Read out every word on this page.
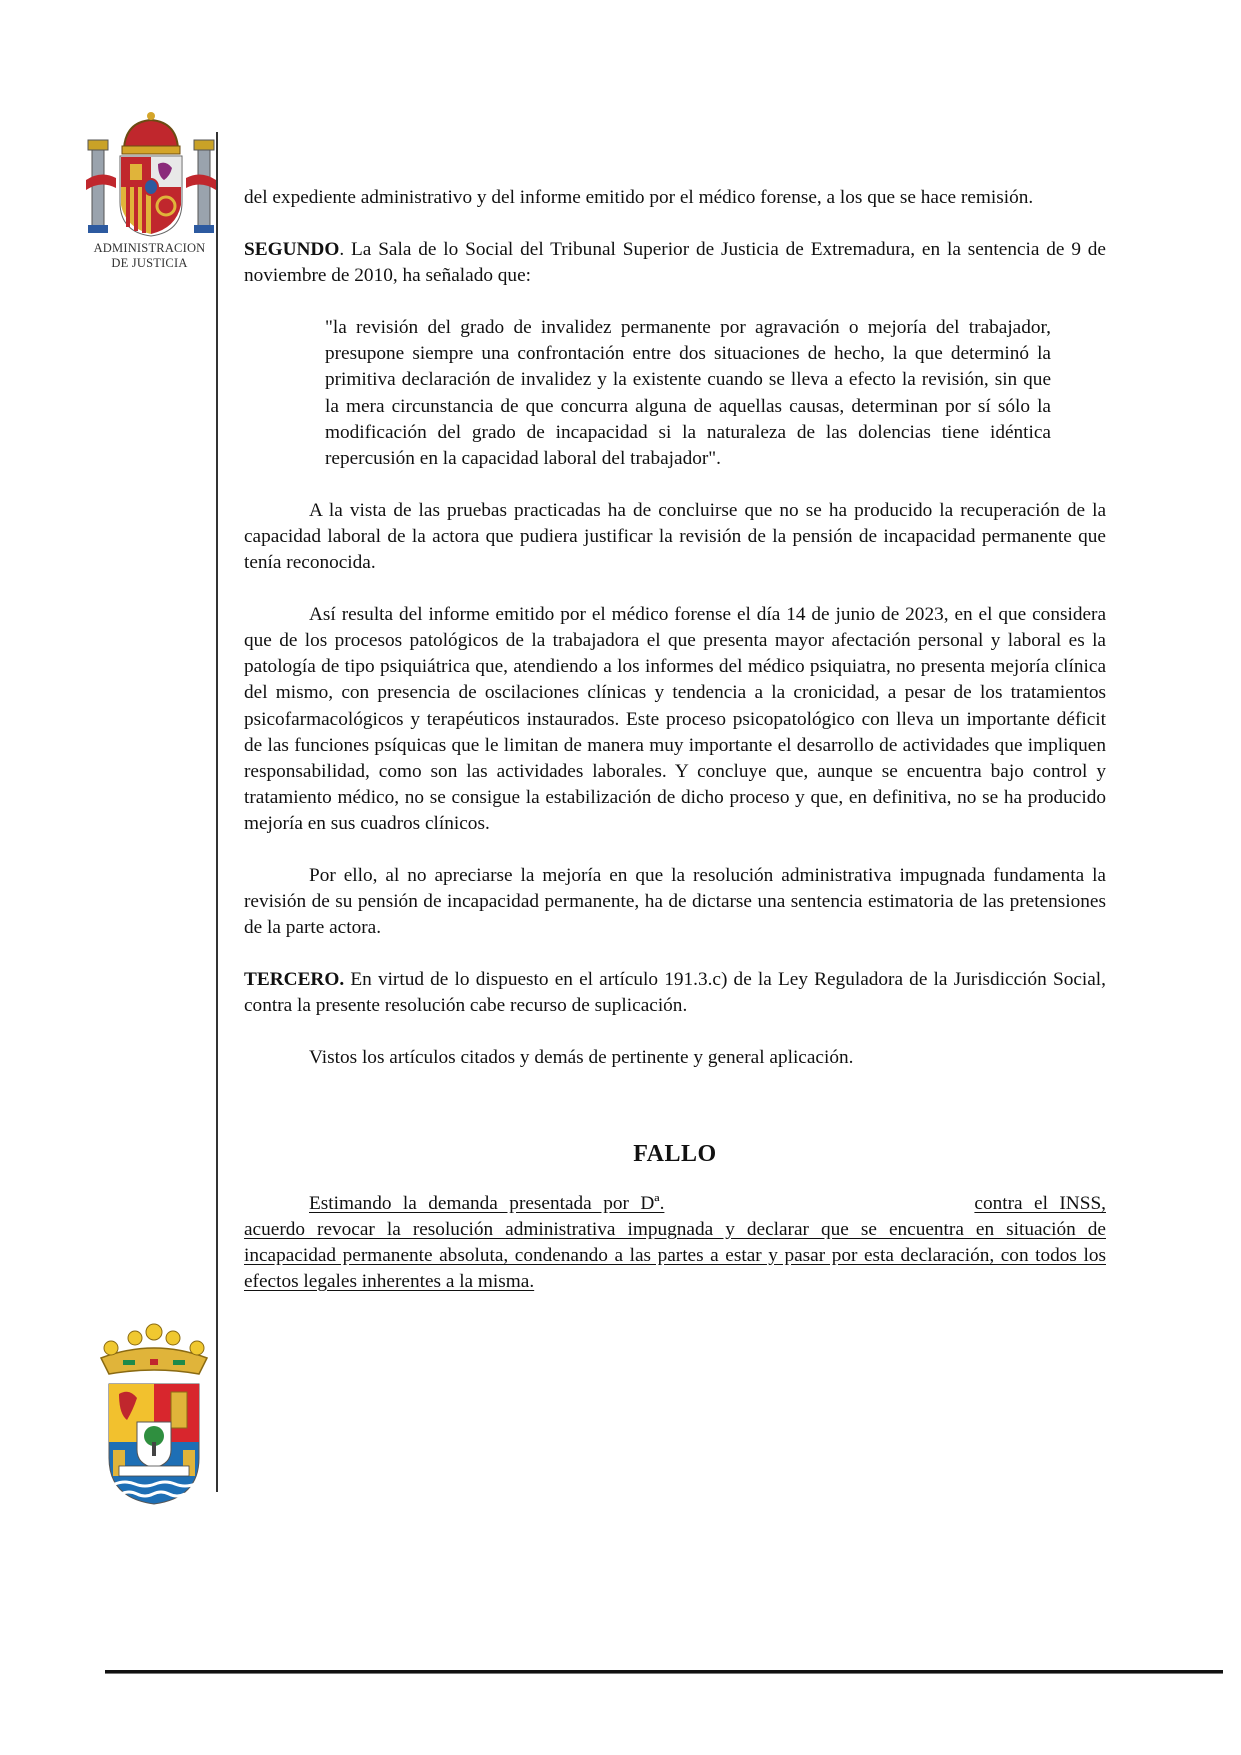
ADMINISTRACION
DE JUSTICIA

del expediente administrativo y del informe emitido por el médico forense, a los que se hace remisión.

SEGUNDO. La Sala de lo Social del Tribunal Superior de Justicia de Extremadura, en la sentencia de 9 de noviembre de 2010, ha señalado que:

"la revisión del grado de invalidez permanente por agravación o mejoría del trabajador, presupone siempre una confrontación entre dos situaciones de hecho, la que determinó la primitiva declaración de invalidez y la existente cuando se lleva a efecto la revisión, sin que la mera circunstancia de que concurra alguna de aquellas causas, determinan por sí sólo la modificación del grado de incapacidad si la naturaleza de las dolencias tiene idéntica repercusión en la capacidad laboral del trabajador".

A la vista de las pruebas practicadas ha de concluirse que no se ha producido la recuperación de la capacidad laboral de la actora que pudiera justificar la revisión de la pensión de incapacidad permanente que tenía reconocida.

Así resulta del informe emitido por el médico forense el día 14 de junio de 2023, en el que considera que de los procesos patológicos de la trabajadora el que presenta mayor afectación personal y laboral es la patología de tipo psiquiátrica que, atendiendo a los informes del médico psiquiatra, no presenta mejoría clínica del mismo, con presencia de oscilaciones clínicas y tendencia a la cronicidad, a pesar de los tratamientos psicofarmacológicos y terapéuticos instaurados. Este proceso psicopatológico con lleva un importante déficit de las funciones psíquicas que le limitan de manera muy importante el desarrollo de actividades que impliquen responsabilidad, como son las actividades laborales. Y concluye que, aunque se encuentra bajo control y tratamiento médico, no se consigue la estabilización de dicho proceso y que, en definitiva, no se ha producido mejoría en sus cuadros clínicos.

Por ello, al no apreciarse la mejoría en que la resolución administrativa impugnada fundamenta la revisión de su pensión de incapacidad permanente, ha de dictarse una sentencia estimatoria de las pretensiones de la parte actora.

TERCERO. En virtud de lo dispuesto en el artículo 191.3.c) de la Ley Reguladora de la Jurisdicción Social, contra la presente resolución cabe recurso de suplicación.

Vistos los artículos citados y demás de pertinente y general aplicación.

FALLO

Estimando la demanda presentada por Dª.	contra el INSS, acuerdo revocar la resolución administrativa impugnada y declarar que se encuentra en situación de incapacidad permanente absoluta, condenando a las partes a estar y pasar por esta declaración, con todos los efectos legales inherentes a la misma.
